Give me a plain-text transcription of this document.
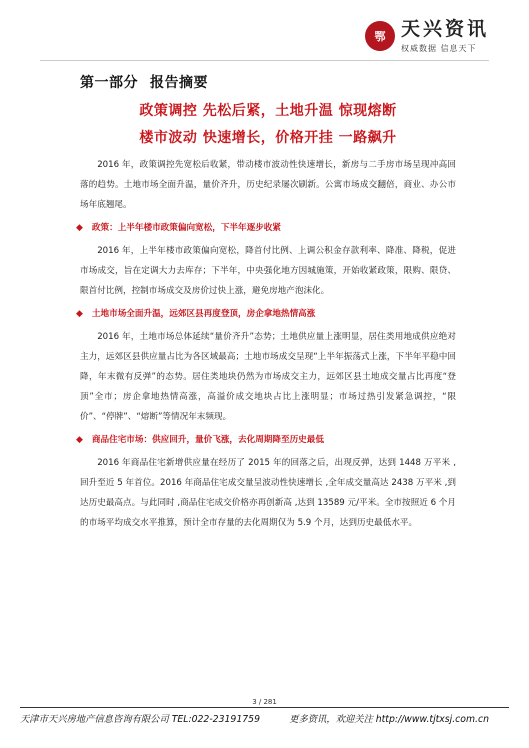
鄂 天兴资讯
权威数据 信息天下
第一部分 报告摘要
政策调控 先松后紧，土地升温 惊现熔断
楼市波动 快速增长，价格开挂 一路飙升

2016 年，政策调控先宽松后收紧，带动楼市波动性快速增长，新房与二手房市场呈现冲高回落的趋势。土地市场全面升温，量价齐升，历史纪录屡次刷新。公寓市场成交翻倍，商业、办公市场年底翘尾。

◆ 政策：上半年楼市政策偏向宽松，下半年逐步收紧

2016 年，上半年楼市政策偏向宽松，降首付比例、上调公积金存款利率、降准、降税，促进市场成交，旨在定调大力去库存；下半年，中央强化地方因城施策，开始收紧政策，限购、限贷、限首付比例，控制市场成交及房价过快上涨，避免房地产泡沫化。

◆ 土地市场全面升温，远郊区县再度登顶，房企拿地热情高涨

2016 年，土地市场总体延续“量价齐升”态势；土地供应量上涨明显，居住类用地成供应绝对主力，远郊区县供应量占比为各区域最高；土地市场成交呈现“上半年振荡式上涨，下半年平稳中回降，年末微有反弹”的态势。居住类地块仍然为市场成交主力，远郊区县土地成交量占比再度“登顶”全市；房企拿地热情高涨，高溢价成交地块占比上涨明显；市场过热引发紧急调控，“限价”、“停牌”、“熔断”等情况年末频现。

◆ 商品住宅市场：供应回升，量价飞涨，去化周期降至历史最低

2016 年商品住宅新增供应量在经历了 2015 年的回落之后，出现反弹，达到 1448 万平米 ,回升至近 5 年首位。2016 年商品住宅成交量呈波动性快速增长 ,全年成交量高达 2438 万平米 ,到达历史最高点。与此同时 ,商品住宅成交价格亦再创新高 ,达到 13589 元/平米。全市按照近 6 个月的市场平均成交水平推算，预计全市存量的去化周期仅为 5.9 个月，达到历史最低水平。

3 / 281
天津市天兴房地产信息咨询有限公司 TEL:022-23191759	更多资讯，欢迎关注 http://www.tjtxsj.com.cn
